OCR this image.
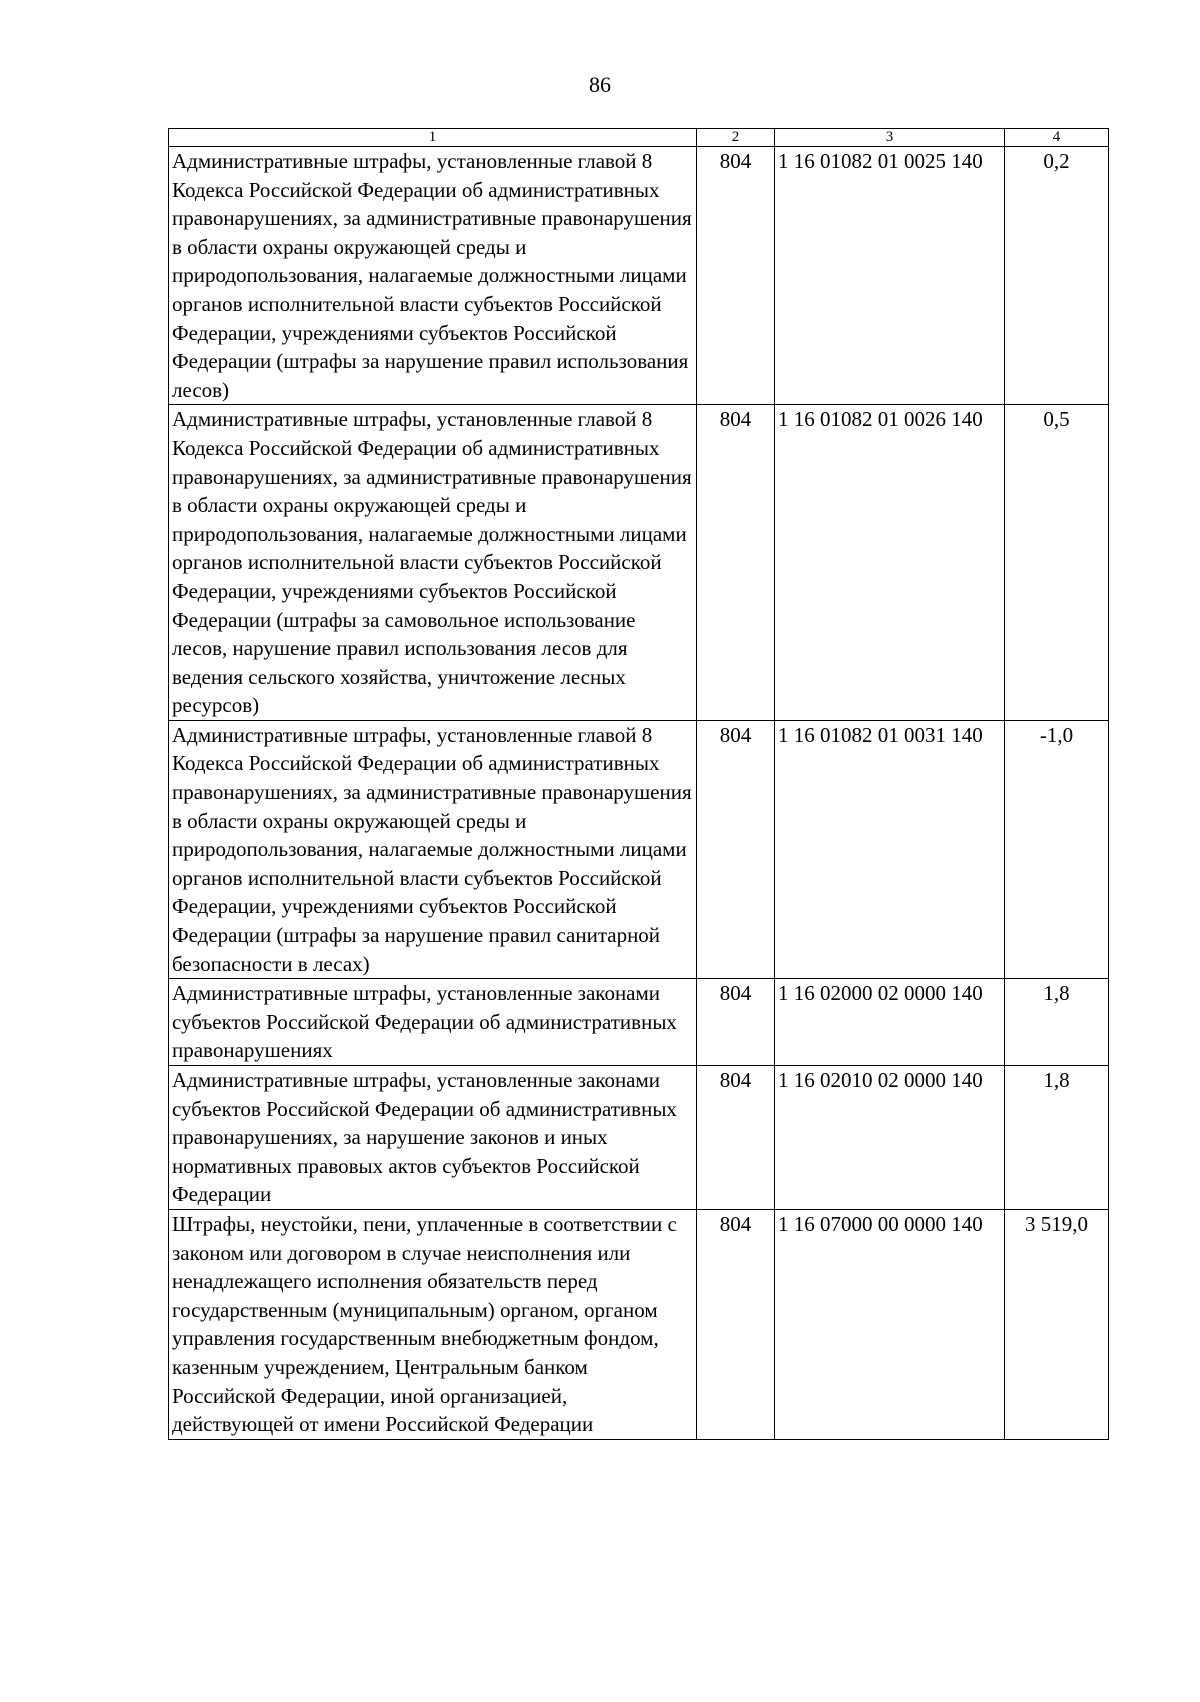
86
1	2	3	4
Административные штрафы, установленные главой 8 Кодекса Российской Федерации об административных правонарушениях, за административные правонарушения в области охраны окружающей среды и природопользования, налагаемые должностными лицами органов исполнительной власти субъектов Российской Федерации, учреждениями субъектов Российской Федерации (штрафы за нарушение правил использования лесов)	804	1 16 01082 01 0025 140	0,2
Административные штрафы, установленные главой 8 Кодекса Российской Федерации об административных правонарушениях, за административные правонарушения в области охраны окружающей среды и природопользования, налагаемые должностными лицами органов исполнительной власти субъектов Российской Федерации, учреждениями субъектов Российской Федерации (штрафы за самовольное использование лесов, нарушение правил использования лесов для ведения сельского хозяйства, уничтожение лесных ресурсов)	804	1 16 01082 01 0026 140	0,5
Административные штрафы, установленные главой 8 Кодекса Российской Федерации об административных правонарушениях, за административные правонарушения в области охраны окружающей среды и природопользования, налагаемые должностными лицами органов исполнительной власти субъектов Российской Федерации, учреждениями субъектов Российской Федерации (штрафы за нарушение правил санитарной безопасности в лесах)	804	1 16 01082 01 0031 140	-1,0
Административные штрафы, установленные законами субъектов Российской Федерации об административных правонарушениях	804	1 16 02000 02 0000 140	1,8
Административные штрафы, установленные законами субъектов Российской Федерации об административных правонарушениях, за нарушение законов и иных нормативных правовых актов субъектов Российской Федерации	804	1 16 02010 02 0000 140	1,8
Штрафы, неустойки, пени, уплаченные в соответствии с законом или договором в случае неисполнения или ненадлежащего исполнения обязательств перед государственным (муниципальным) органом, органом управления государственным внебюджетным фондом, казенным учреждением, Центральным банком Российской Федерации, иной организацией, действующей от имени Российской Федерации	804	1 16 07000 00 0000 140	3 519,0
